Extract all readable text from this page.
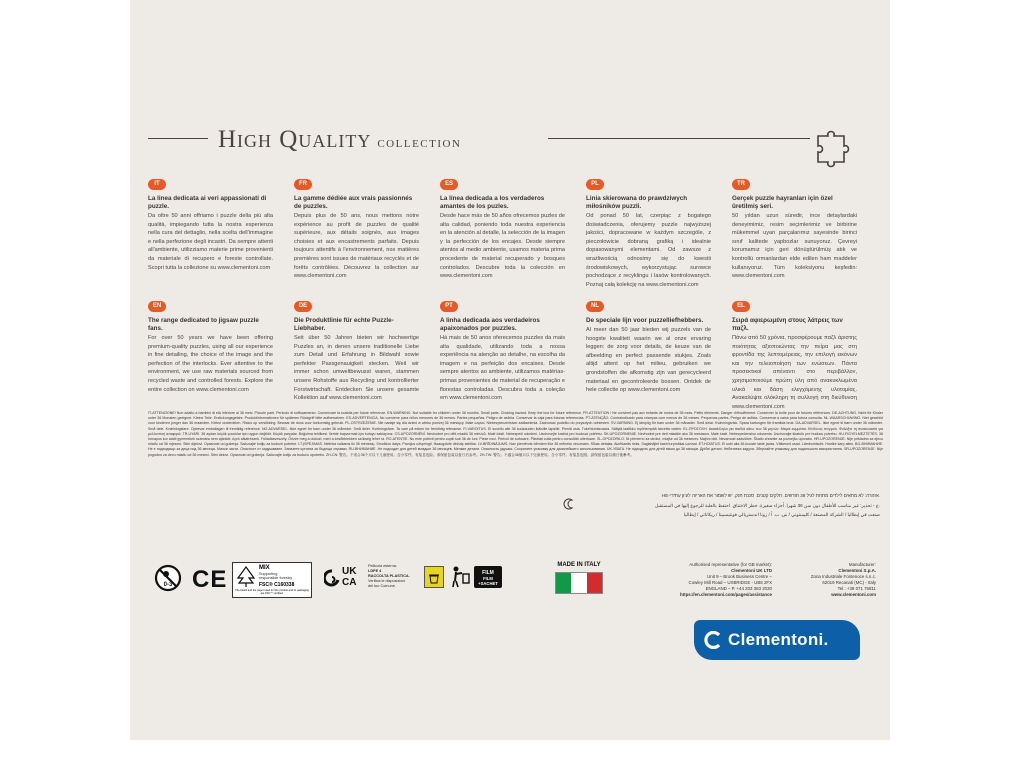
High Quality collection
IT
La linea dedicata ai veri appassionati di puzzle.
Da oltre 50 anni offriamo i puzzle della più alta qualità, impiegando tutta la nostra esperienza nella cura del dettaglio, nella scelta dell'immagine e nella perfezione degli incastri. Da sempre attenti all'ambiente, utilizziamo materie prime provenienti da materiale di recupero e foreste controllate. Scopri tutta la collezione su www.clementoni.com
FR
La gamme dédiée aux vrais passionnés de puzzles.
Depuis plus de 50 ans, nous mettons notre expérience au profit de puzzles de qualité supérieure, aux détails soignés, aux images choisies et aux encastrements parfaits. Depuis toujours attentifs à l'environnement, nos matières premières sont issues de matériaux recyclés et de forêts contrôlées. Découvrez la collection sur www.clementoni.com
ES
La línea dedicada a los verdaderos amantes de los puzles.
Desde hace más de 50 años ofrecemos puzles de alta calidad, poniendo toda nuestra experiencia en la atención al detalle, la selección de la imagen y la perfección de los encajes. Desde siempre atentos al medio ambiente, usamos materia prima procedente de material recuperado y bosques controlados. Descubre toda la colección en www.clementoni.com
PL
Linia skierowana do prawdziwych miłośników puzzli.
Od ponad 50 lat, czerpiąc z bogatego doświadczenia, oferujemy puzzle najwyższej jakości, dopracowane w każdym szczególe, z pieczołowicie dobraną grafiką i idealnie dopasowanymi elementami. Od zawsze z wrażliwością odnosimy się do kwestii środowiskowych, wykorzystując surowce pochodzące z recyklingu i lasów kontrolowanych. Poznaj całą kolekcję na www.clementoni.com
TR
Gerçek puzzle hayranları için özel üretilmiş seri.
50 yıldan uzun süredir, ince detaylardaki deneyimimiz, resim seçimlerimiz ve birbirine mükemmel uyan parçalarımız sayesinde birinci sınıf kalitede yapbozlar sunuyoruz. Çevreyi korumamız için geri dönüştürülmüş atık ve kontrollü ormanlardan elde edilen ham maddeler kullanıyoruz. Tüm koleksiyonu keşfedin: www.clementoni.com
EN
The range dedicated to jigsaw puzzle fans.
For over 50 years we have been offering premium-quality puzzles, using all our experience in fine detailing, the choice of the image and the perfection of the interlocks. Ever attentive to the environment, we use raw materials sourced from recycled waste and controlled forests. Explore the entire collection on www.clementoni.com
DE
Die Produktlinie für echte Puzzle-Liebhaber.
Seit über 50 Jahren bieten wir hochwertige Puzzles an, in denen unsere traditionelle Liebe zum Detail und Erfahrung in Bildwahl sowie perfekter Passgenauigkeit stecken. Weil wir immer schon umweltbewusst waren, stammen unsere Rohstoffe aus Recycling und kontrollierter Forstwirtschaft. Entdecken Sie unsere gesamte Kollektion auf www.clementoni.com
PT
A linha dedicada aos verdadeiros apaixonados por puzzles.
Há mais de 50 anos oferecemos puzzles da mais alta qualidade, utilizando toda a nossa experiência na atenção ao detalhe, na escolha da imagem e na perfeição dos encaixes. Desde sempre atentos ao ambiente, utilizamos matérias-primas provenientes de material de recuperação e florestas controladas. Descubra toda a coleção em www.clementoni.com
NL
De speciale lijn voor puzzelliefhebbers.
Al meer dan 50 jaar bieden wij puzzels van de hoogste kwaliteit waarin we al onze ervaring leggen: de zorg voor details, de keuze van de afbeelding en perfect passende stukjes. Zoals altijd attent op het milieu, gebruiken we grondstoffen die afkomstig zijn van gerecycleerd materiaal en gecontroleerde bossen. Ontdek de hele collectie op www.clementoni.com
EL
Σειρά αφιερωμένη στους λάτρεις των παζλ.
Πάνω από 50 χρόνια, προσφέρουμε παζλ άριστης ποιότητας αξιοποιώντας την πείρα μας στη φροντίδα της λεπτομέρειας, την επιλογή εικόνων και την τελειοποίηση των ενώσεων. Πάντα προσεκτικοί απέναντι στο περιβάλλον, χρησιμοποιούμε πρώτη ύλη από ανακυκλωμένα υλικά και δάση ελεγχόμενης υλοτομίας. Ανακαλύψτε ολόκληρη τη συλλογή στη διεύθυνση www.clementoni.com
IT-ATTENZIONE! Non adatto a bambini di età inferiore ai 36 mesi. Piccole parti. Pericolo di soffocamento. Conservare la scatola per future referenze. EN-WARNING. Not suitable for children under 36 months. Small parts. Choking hazard. Keep the box for future reference. FR-ATTENTION ! Ne convient pas aux enfants de moins de 36 mois. Petits éléments. Danger d'étouffement. Conserver la boîte pour de futures références. DE-ACHTUNG. Nicht für Kinder unter 36 Monaten geeignet. Kleine Teile. Erstickungsgefahr. Produktinformationen für späteren Rückgriff bitte aufbewahren. ES-ADVERTENCIA. No conviene para niños menores de 36 meses. Partes pequeñas. Peligro de asfixia. Conservar la caja para futuras referencias. PT-ATENÇÃO. Contraindicado para crianças com menos de 36 meses. Pequenas partes. Perigo de asfixia. Conservar a caixa para futura consulta. NL-WAARSCHUWING. Niet geschikt voor kinderen jonger dan 36 maanden. Kleine onderdelen. Risico op verstikking. Bewaar de doos voor toekomstig gebruik. PL-OSTRZEŻENIE. Nie nadaje się dla dzieci w wieku poniżej 36 miesięcy. Małe części. Niebezpieczeństwo zadławienia. Zachować pudełko do przyszłych odniesień. SV-VARNING. Ej lämplig för barn under 36 månader. Små delar. Kvävningsrisk. Spara kartongen för framtida bruk. DA-ADVARSEL. Ikke egnet til børn under 36 måneder. Små dele. Kvælningsfare. Opbevar emballagen til fremtidig reference. NO-ADVARSEL. Ikke egnet for barn under 36 måneder. Små deler. Kvelningsfare. Ta vare på esken for fremtidig referanse. FI-VAROITUS. Ei sovellu alle 36 kuukauden ikäisille lapsille. Pieniä osia. Tukehtumisvaara. Säilytä laatikko myöhempää tarvetta varten. EL-ΠΡΟΣΟΧΗ. Ακατάλληλο για παιδιά κάτω των 36 μηνών. Μικρά κομμάτια. Κίνδυνος πνιγμού. Φυλάξτε τη συσκευασία για μελλοντική αναφορά. TR-UYARI. 36 aydan küçük çocuklar için uygun değildir. Küçük parçalar. Boğulma tehlikesi. İleride başvurmak için kutuyu saklayınız. CS-UPOZORNĚNÍ. Nevhodné pro děti mladší 36 měsíců. Malé části. Nebezpečí udušení. Uschovejte krabici pro budoucí potřebu. SK-UPOZORNENIE. Nevhodné pre deti mladšie ako 36 mesiacov. Malé časti. Nebezpečenstvo udusenia. Uschovajte škatuľu pre budúcu potrebu. HU-FIGYELMEZTETÉS. 36 hónapos kor alatti gyermekek számára nem ajánlott. Apró alkatrészek. Fulladásveszély. Őrizze meg a dobozt, mert a későbbiekben szükség lehet rá. RO-ATENȚIE. Nu este potrivit pentru copiii sub 36 de luni. Piese mici. Pericol de sufocare. Păstrați cutia pentru consultări ulterioare. SL-OPOZORILO. Ni primerno za otroke, mlajše od 36 mesecev. Majhni deli. Nevarnost zadušitve. Škatlo shranite za poznejšo uporabo. HR-UPOZORENJE. Nije prikladno za djecu mlađu od 36 mjeseci. Sitni dijelovi. Opasnost od gušenja. Sačuvajte kutiju za buduće potrebe. LT-ĮSPĖJIMAS. Netinka vaikams iki 36 mėnesių. Smulkios dalys. Pavojus užspringti. Išsaugokite dėžutę ateičiai. LV-BRĪDINĀJUMS. Nav piemērots bērniem līdz 36 mēnešu vecumam. Sīkas detaļas. Aizrīšanās risks. Saglabājiet kasti turpmākai uzziņai. ET-HOIATUS. Ei sobi alla 36-kuuste laste jaoks. Väikesed osad. Lämbumisoht. Hoidke karp alles. BG-ВНИМАНИЕ. Не е подходящо за деца под 36 месеца. Малки части. Опасност от задушаване. Запазете кутията за бъдещи справки. RU-ВНИМАНИЕ. Не подходит для детей младше 36 месяцев. Мелкие детали. Опасность удушья. Сохраните упаковку для дальнейшего использования. UK-УВАГА. Не підходить для дітей віком до 36 місяців. Дрібні деталі. Небезпека задухи. Зберігайте упаковку для подальшого використання. SR-UPOZORENJE. Nije pogodno za decu mlađu od 36 meseci. Sitni delovi. Opasnost od gušenja. Sačuvajte kutiju za buduću upotrebu. ZH-CN: 警告。不适合36个月以下儿童使用。含小零件。有窒息危险。请保留包装以备日后参考。ZH-TW: 警告。不適合36個月以下兒童使用。含小零件。有窒息危險。請保留包裝以備日後參考。
HE-אזהרה: לא מתאים לילדים מתחת לגיל 36 חודשים. חלקים קטנים. סכנת חנק. יש לשמור את האריזה לעיון עתידי.
ع - تحذير: غير مناسب للأطفال دون سن 36 شهرا. أجزاء صغيرة. خطر الاختناق. احتفظ بالعلبة للرجوع إليها في المستقبل.
صنعت في إيطاليا / الشركة المصنعة / كليمنتوني / س. ب. أ / زونا اندستريالي فونتيسبينا / ريكاناتي / إيطاليا
0-3 CE	MIX
Supporting
responsible forestry
FSC® C160338
The board and the paper used for this product and its packaging are FSC™ certified.
UK
CA
Pellicola esterna:
LDPE 4
RACCOLTA PLASTICA.
Verifica le disposizioni
del tuo Comune.
FILM
FILM +SACHET
MADE IN ITALY	Authorised representative (for GB market):
Clementoni UK LTD
Unit 9 – Brook Business Centre –
Cowley Mill Road – UXBRIDGE - UB8 2FX
ENGLAND – P. +44 203 383 2020
https://en.clementoni.com/pages/assistance
Manufacturer:
Clementoni S.p.A.
Zona Industriale Fontenoce s.n.c.
62019 Recanati (MC) - Italy
Tel.: +39 071 75811
www.clementoni.com
Clementoni.
